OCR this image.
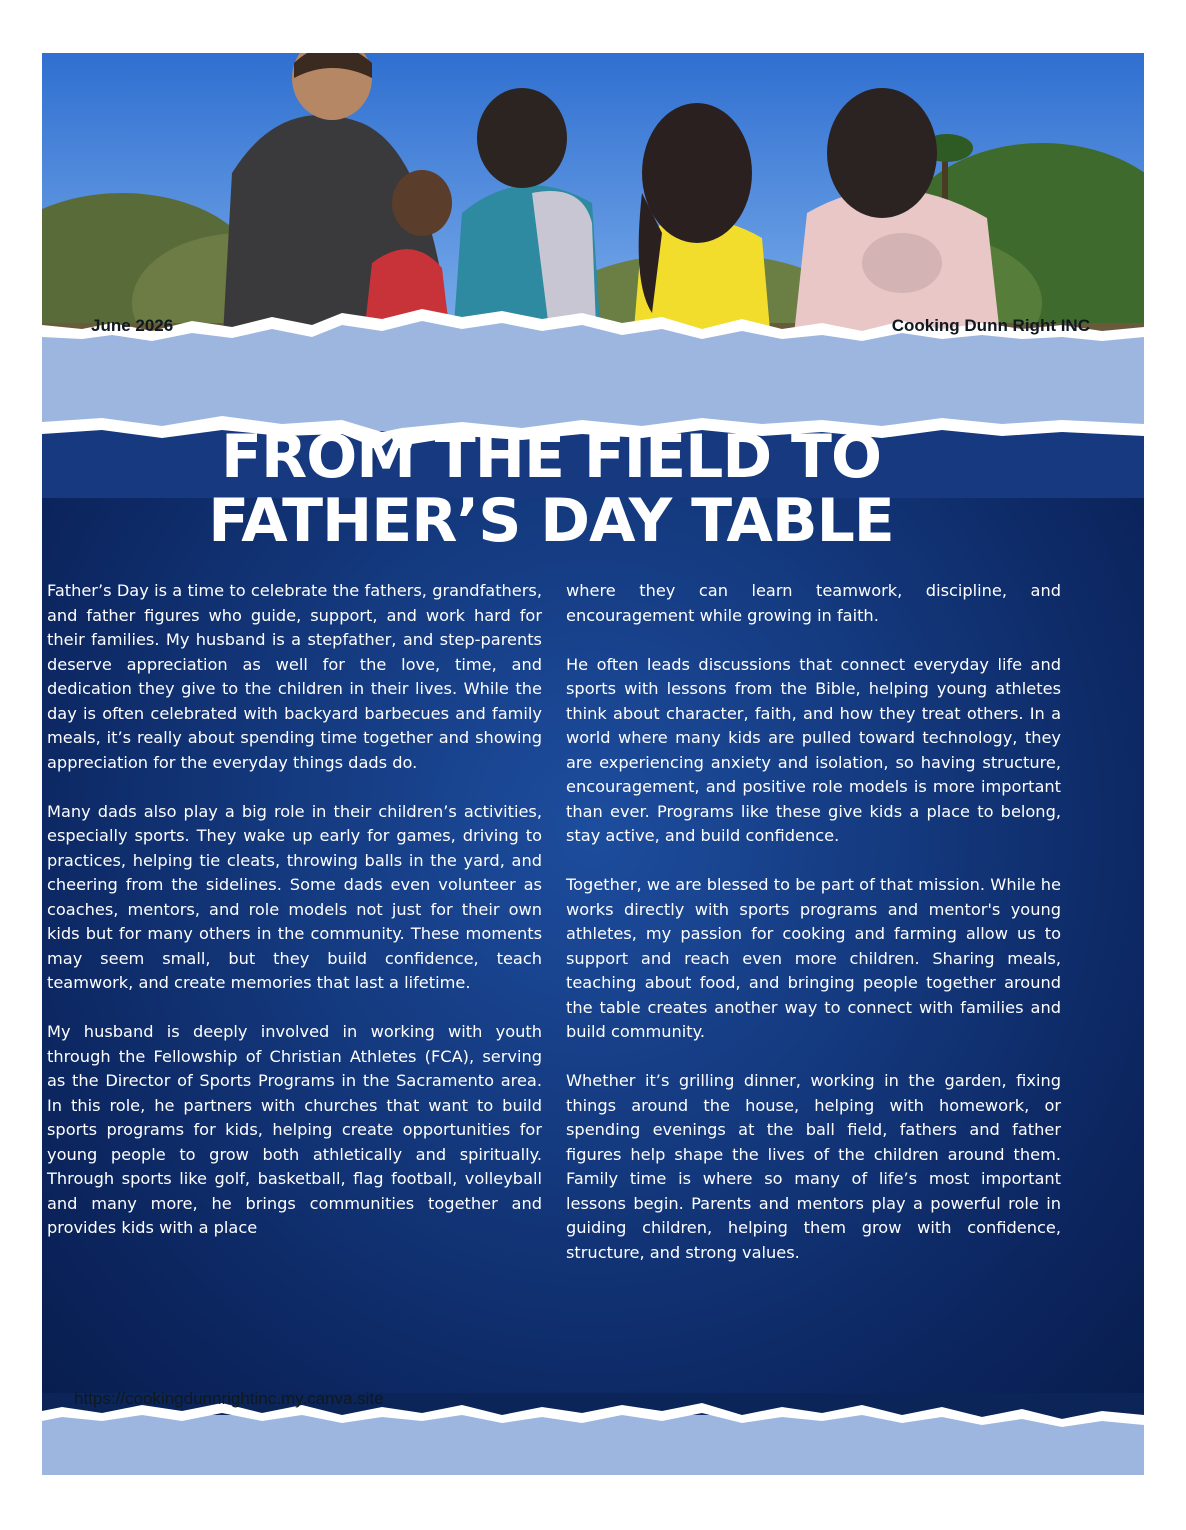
June 2026	Cooking Dunn Right INC
FROM THE FIELD TO
FATHER’S DAY TABLE

Father’s Day is a time to celebrate the fathers, grandfathers, and father figures who guide, support, and work hard for their families. My husband is a stepfather, and step-parents deserve appreciation as well for the love, time, and dedication they give to the children in their lives. While the day is often celebrated with backyard barbecues and family meals, it’s really about spending time together and showing appreciation for the everyday things dads do.

Many dads also play a big role in their children’s activities, especially sports. They wake up early for games, driving to practices, helping tie cleats, throwing balls in the yard, and cheering from the sidelines. Some dads even volunteer as coaches, mentors, and role models not just for their own kids but for many others in the community. These moments may seem small, but they build confidence, teach teamwork, and create memories that last a lifetime.

My husband is deeply involved in working with youth through the Fellowship of Christian Athletes (FCA), serving as the Director of Sports Programs in the Sacramento area. In this role, he partners with churches that want to build sports programs for kids, helping create opportunities for young people to grow both athletically and spiritually. Through sports like golf, basketball, flag football, volleyball and many more, he brings communities together and provides kids with a place

where they can learn teamwork, discipline, and encouragement while growing in faith.

He often leads discussions that connect everyday life and sports with lessons from the Bible, helping young athletes think about character, faith, and how they treat others. In a world where many kids are pulled toward technology, they are experiencing anxiety and isolation, so having structure, encouragement, and positive role models is more important than ever. Programs like these give kids a place to belong, stay active, and build confidence.

Together, we are blessed to be part of that mission. While he works directly with sports programs and mentor's young athletes, my passion for cooking and farming allow us to support and reach even more children. Sharing meals, teaching about food, and bringing people together around the table creates another way to connect with families and build community.

Whether it’s grilling dinner, working in the garden, fixing things around the house, helping with homework, or spending evenings at the ball field, fathers and father figures help shape the lives of the children around them. Family time is where so many of life’s most important lessons begin. Parents and mentors play a powerful role in guiding children, helping them grow with confidence, structure, and strong values.

https://cookingdunnrightinc.my.canva.site
